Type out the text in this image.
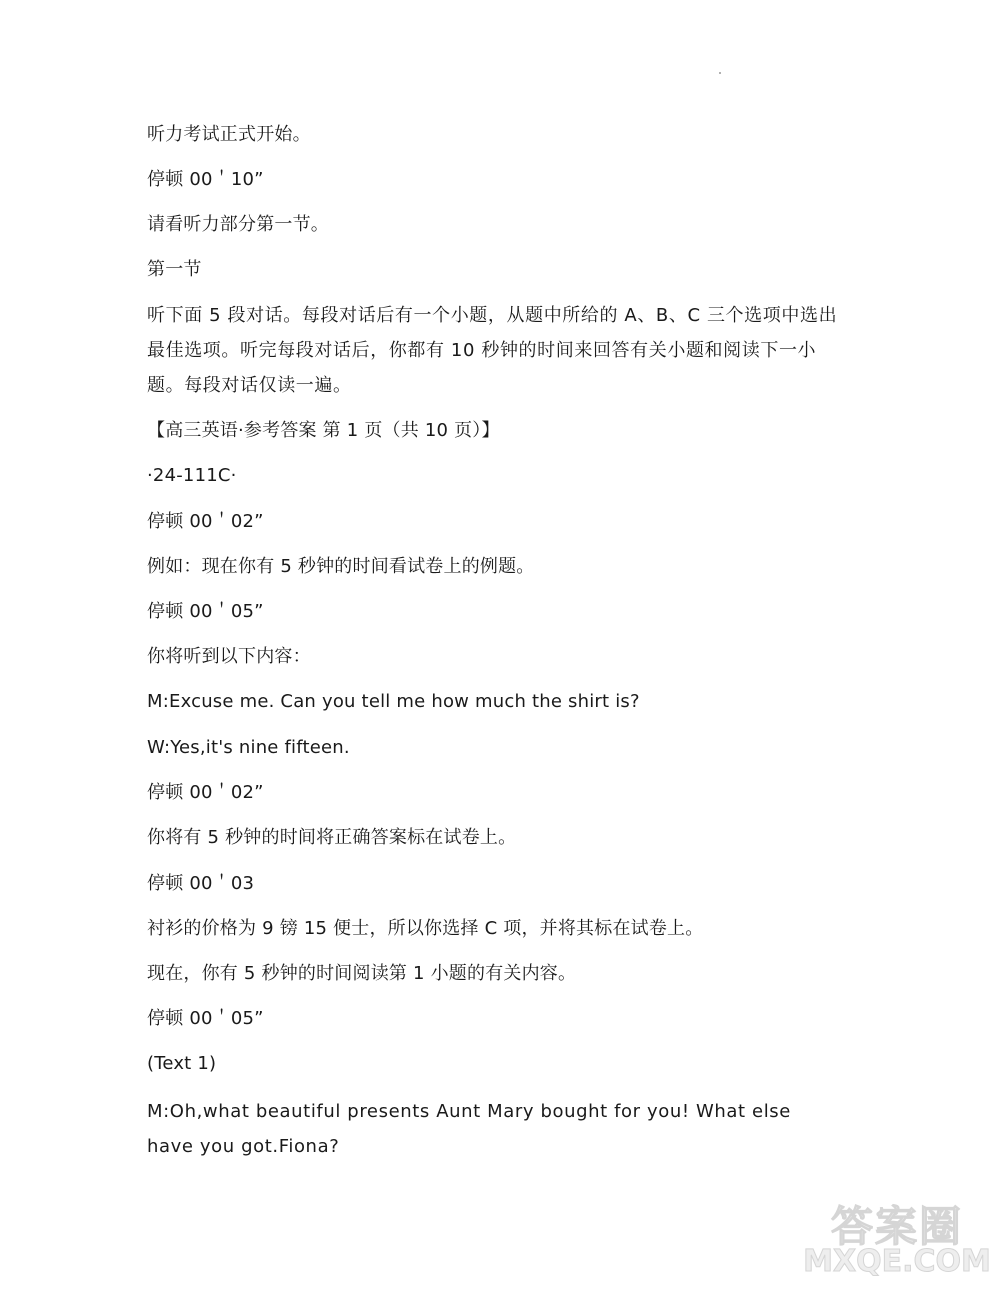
听力考试正式开始。
停顿 00＇10”
请看听力部分第一节。
第一节
听下面 5 段对话。每段对话后有一个小题，从题中所给的 A、B、C 三个选项中选出最佳选项。听完每段对话后，你都有 10 秒钟的时间来回答有关小题和阅读下一小题。每段对话仅读一遍。
【高三英语·参考答案 第 1 页（共 10 页）】
·24-111C·
停顿 00＇02”
例如：现在你有 5 秒钟的时间看试卷上的例题。
停顿 00＇05”
你将听到以下内容：
M:Excuse me. Can you tell me how much the shirt is?
W:Yes,it's nine fifteen.
停顿 00＇02”
你将有 5 秒钟的时间将正确答案标在试卷上。
停顿 00＇03
衬衫的价格为 9 镑 15 便士，所以你选择 C 项，并将其标在试卷上。
现在，你有 5 秒钟的时间阅读第 1 小题的有关内容。
停顿 00＇05”
(Text 1)
M:Oh,what beautiful presents Aunt Mary bought for you! What else have you got.Fiona?
答案圈
MXQE.COM
